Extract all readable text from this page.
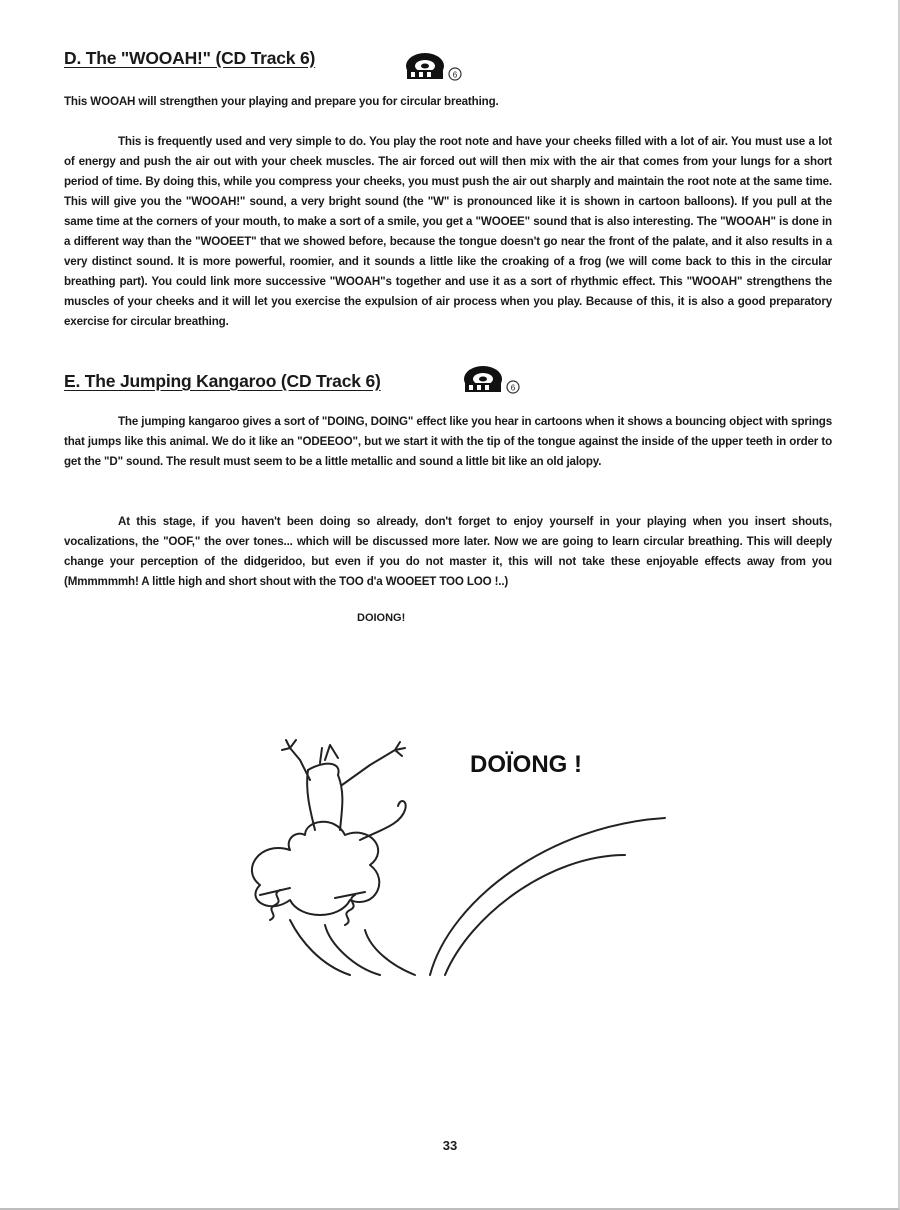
D. The "WOOAH!" (CD Track 6)
6
This WOOAH will strengthen your playing and prepare you for circular breathing.
This is frequently used and very simple to do. You play the root note and have your cheeks filled with a lot of air. You must use a lot of energy and push the air out with your cheek muscles. The air forced out will then mix with the air that comes from your lungs for a short period of time. By doing this, while you compress your cheeks, you must push the air out sharply and maintain the root note at the same time. This will give you the "WOOAH!" sound, a very bright sound (the "W" is pronounced like it is shown in cartoon balloons). If you pull at the same time at the corners of your mouth, to make a sort of a smile, you get a "WOOEE" sound that is also interesting. The "WOOAH" is done in a different way than the "WOOEET" that we showed before, because the tongue doesn't go near the front of the palate, and it also results in a very distinct sound. It is more powerful, roomier, and it sounds a little like the croaking of a frog (we will come back to this in the circular breathing part). You could link more successive "WOOAH"s together and use it as a sort of rhythmic effect. This "WOOAH" strengthens the muscles of your cheeks and it will let you exercise the expulsion of air process when you play. Because of this, it is also a good preparatory exercise for circular breathing.
E. The Jumping Kangaroo (CD Track 6)	6
The jumping kangaroo gives a sort of "DOING, DOING" effect like you hear in cartoons when it shows a bouncing object with springs that jumps like this animal. We do it like an "ODEEOO", but we start it with the tip of the tongue against the inside of the upper teeth in order to get the "D" sound. The result must seem to be a little metallic and sound a little bit like an old jalopy.
At this stage, if you haven't been doing so already, don't forget to enjoy yourself in your playing when you insert shouts, vocalizations, the "OOF," the over tones... which will be discussed more later. Now we are going to learn circular breathing. This will deeply change your perception of the didgeridoo, but even if you do not master it, this will not take these enjoyable effects away from you (Mmmmmmh! A little high and short shout with the TOO d'a WOOEET TOO LOO !..)
DOIONG!
DOÏONG !
33
